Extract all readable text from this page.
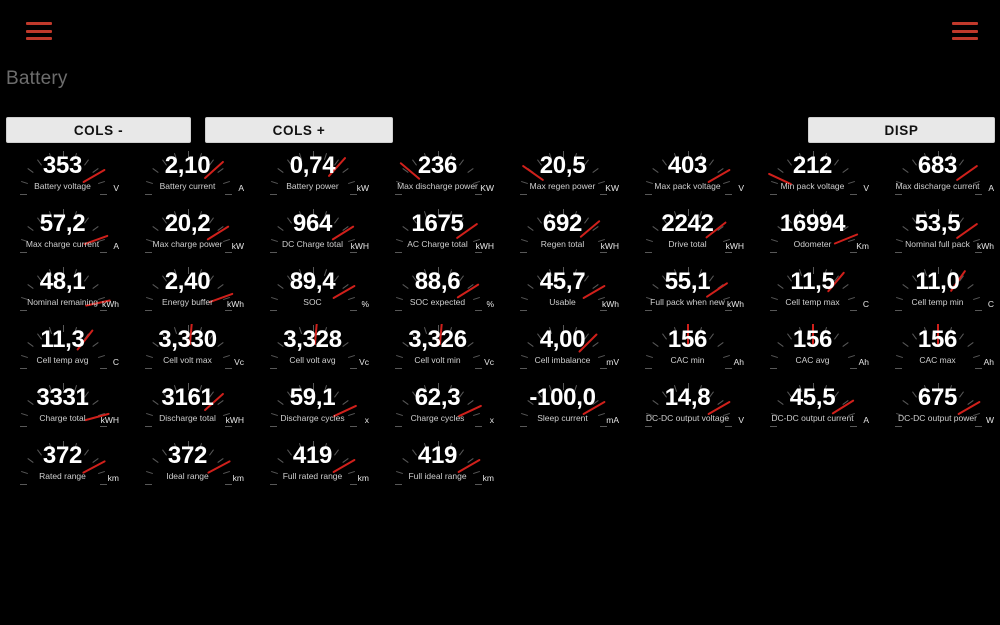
Battery
COLS -	COLS +	DISP
353
Battery voltage	V
2,10
Battery current	A
0,74
Battery power	kW
236
Max discharge power KW
20,5
Max regen power	KW
403
Max pack voltage	V
212
Min pack voltage	V
683
Max discharge current	A
57,2
Max charge current	A
20,2
Max charge power	kW
964
DC Charge total kWH
1675
AC Charge total kWH
692
Regen total	kWH
2242
Drive total	kWH
16994
Odometer	Km
53,5
Nominal full pack kWh
48,1
Nominal remaining kWh
2,40
Energy buffer	kWh
89,4
SOC	%
88,6
SOC expected	%
45,7
Usable	kWh
55,1
Full pack when new kWh
11,5
Cell temp max	C
11,0
Cell temp min	C
11,3
Cell temp avg	C
3,330
Cell volt max	Vc
3,328
Cell volt avg	Vc
3,326
Cell volt min	Vc
4,00
Cell imbalance	mV
156
CAC min	Ah
156
CAC avg	Ah
156
CAC max	Ah
3331
Charge total	kWH
3161
Discharge total	kWH
59,1
Discharge cycles	x
62,3
Charge cycles	x
-100,0
Sleep current	mA
14,8
DC-DC output voltage	V
45,5
DC-DC output current	A
675
DC-DC output power	W
372
Rated range	km
372
Ideal range	km
419
Full rated range	km
419
Full ideal range	km
